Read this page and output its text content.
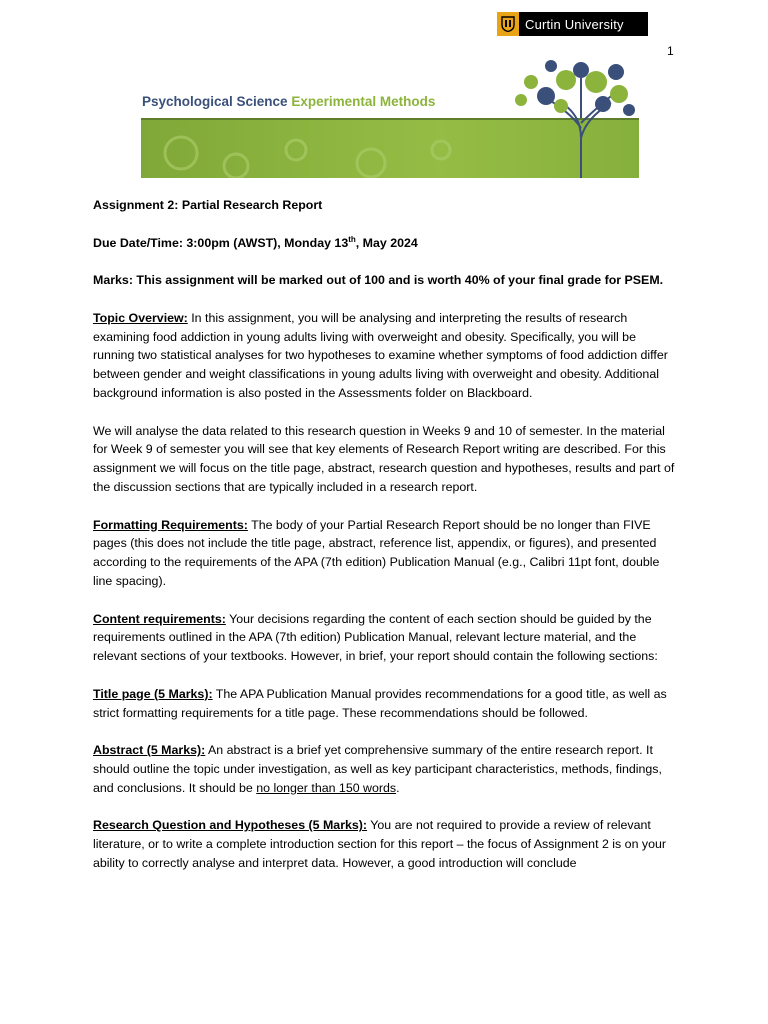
Curtin University
1
Psychological Science Experimental Methods

Assignment 2: Partial Research Report

Due Date/Time: 3:00pm (AWST), Monday 13th, May 2024

Marks: This assignment will be marked out of 100 and is worth 40% of your final grade for PSEM.

Topic Overview: In this assignment, you will be analysing and interpreting the results of research examining food addiction in young adults living with overweight and obesity. Specifically, you will be running two statistical analyses for two hypotheses to examine whether symptoms of food addiction differ between gender and weight classifications in young adults living with overweight and obesity. Additional background information is also posted in the Assessments folder on Blackboard.

We will analyse the data related to this research question in Weeks 9 and 10 of semester. In the material for Week 9 of semester you will see that key elements of Research Report writing are described. For this assignment we will focus on the title page, abstract, research question and hypotheses, results and part of the discussion sections that are typically included in a research report.

Formatting Requirements: The body of your Partial Research Report should be no longer than FIVE pages (this does not include the title page, abstract, reference list, appendix, or figures), and presented according to the requirements of the APA (7th edition) Publication Manual (e.g., Calibri 11pt font, double line spacing).

Content requirements: Your decisions regarding the content of each section should be guided by the requirements outlined in the APA (7th edition) Publication Manual, relevant lecture material, and the relevant sections of your textbooks. However, in brief, your report should contain the following sections:

Title page (5 Marks): The APA Publication Manual provides recommendations for a good title, as well as strict formatting requirements for a title page. These recommendations should be followed.

Abstract (5 Marks): An abstract is a brief yet comprehensive summary of the entire research report. It should outline the topic under investigation, as well as key participant characteristics, methods, findings, and conclusions. It should be no longer than 150 words.

Research Question and Hypotheses (5 Marks): You are not required to provide a review of relevant literature, or to write a complete introduction section for this report – the focus of Assignment 2 is on your ability to correctly analyse and interpret data. However, a good introduction will conclude
